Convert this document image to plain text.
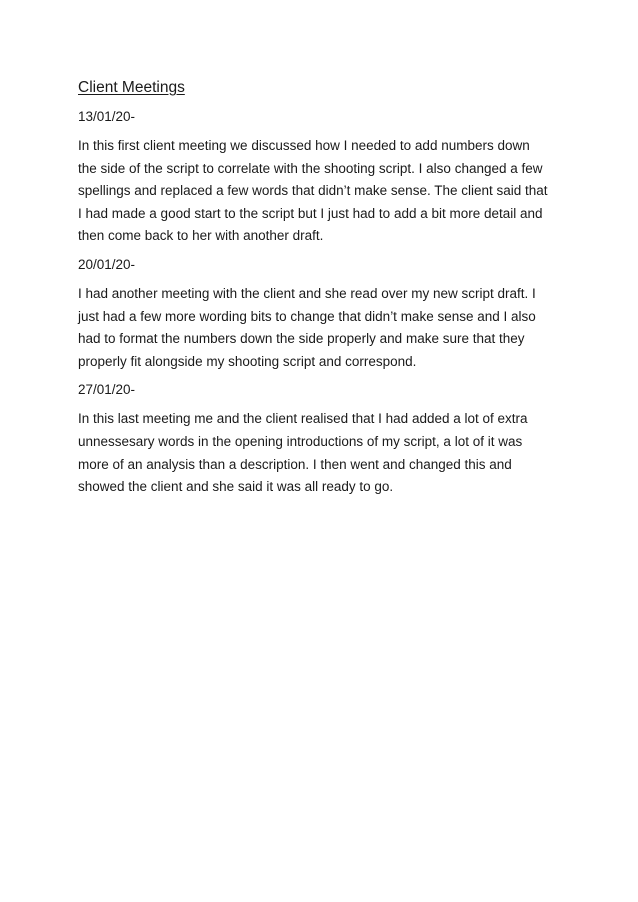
Client Meetings
13/01/20-
In this first client meeting we discussed how I needed to add numbers down
the side of the script to correlate with the shooting script. I also changed a few
spellings and replaced a few words that didn’t make sense. The client said that
I had made a good start to the script but I just had to add a bit more detail and
then come back to her with another draft.
20/01/20-
I had another meeting with the client and she read over my new script draft. I
just had a few more wording bits to change that didn’t make sense and I also
had to format the numbers down the side properly and make sure that they
properly fit alongside my shooting script and correspond.
27/01/20-
In this last meeting me and the client realised that I had added a lot of extra
unnessesary words in the opening introductions of my script, a lot of it was
more of an analysis than a description. I then went and changed this and
showed the client and she said it was all ready to go.
